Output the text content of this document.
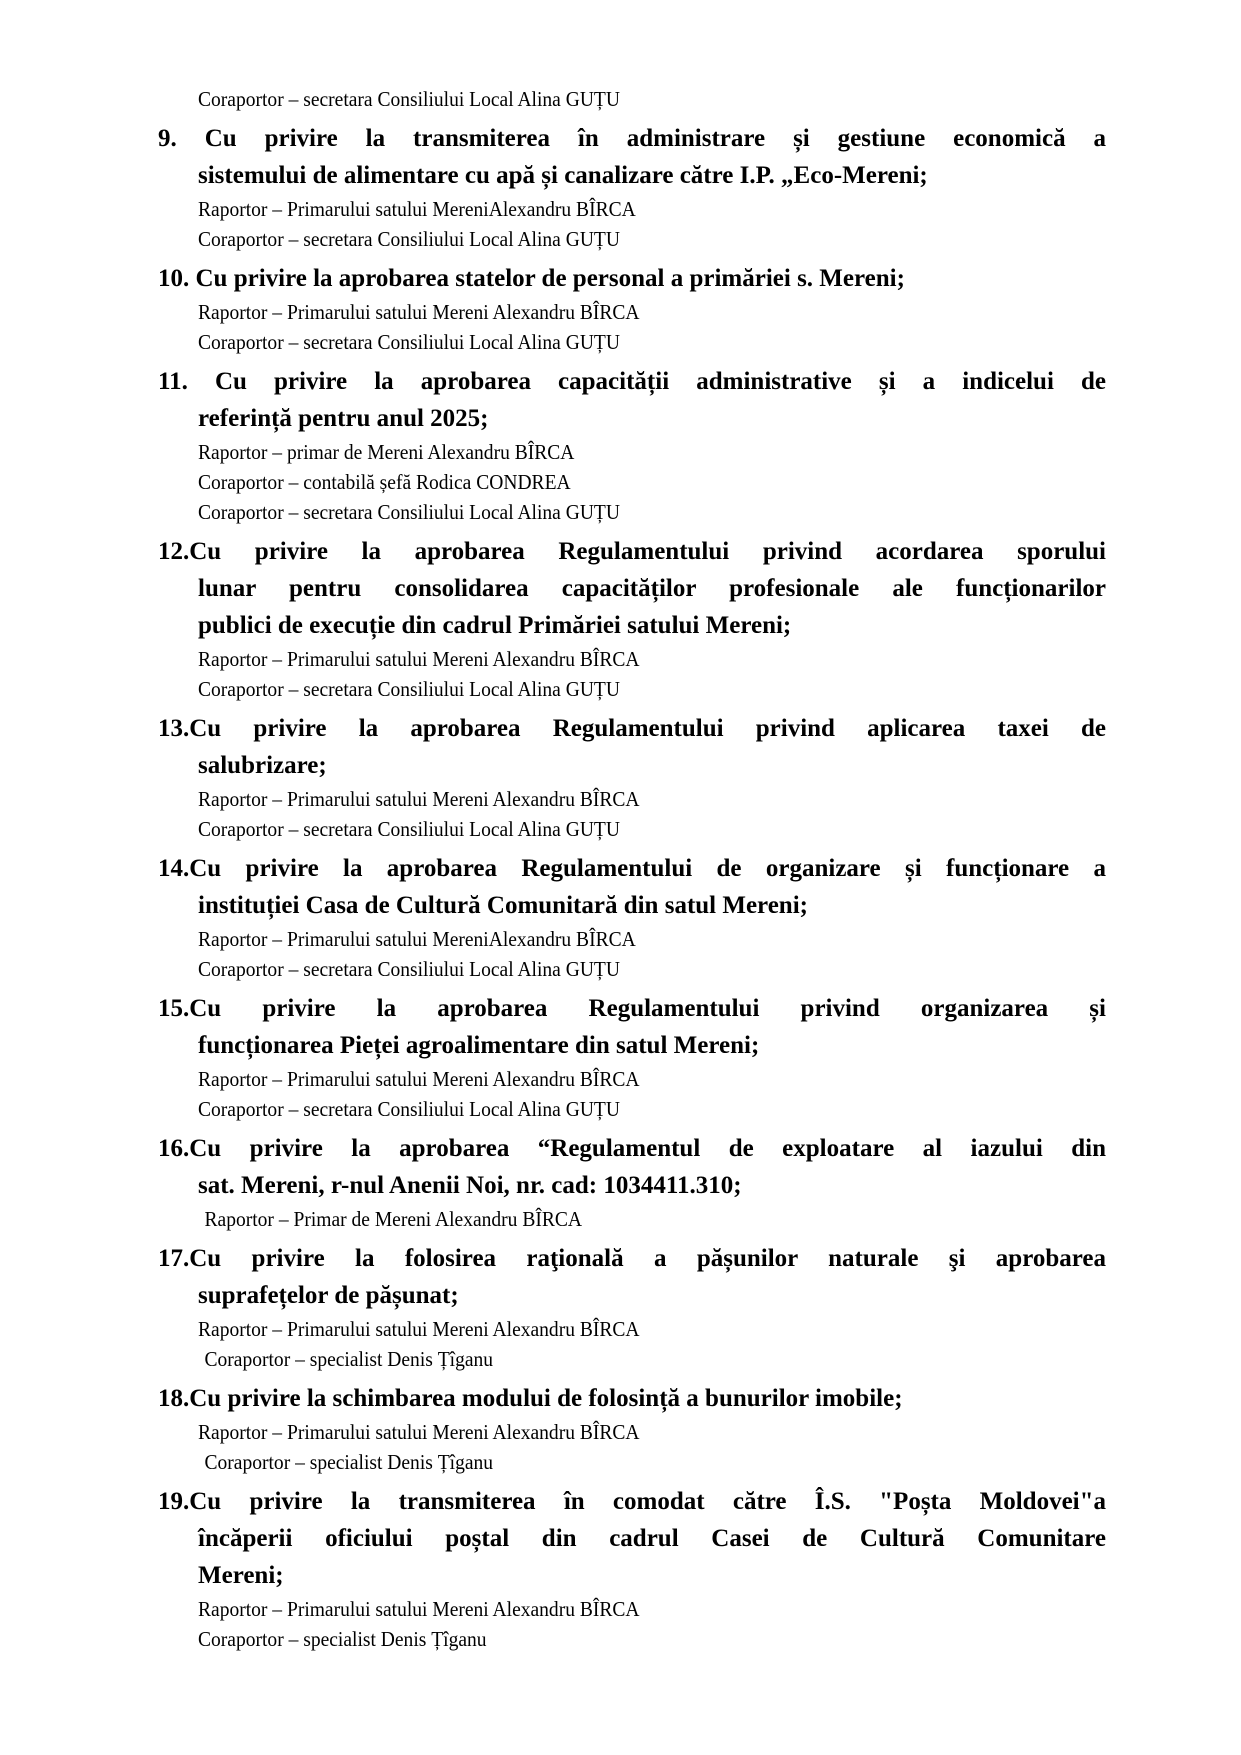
Coraportor – secretara Consiliului Local Alina GUȚU
9. Cu privire la transmiterea în administrare și gestiune economică a
sistemului de alimentare cu apă și canalizare către I.P. „Eco-Mereni;
Raportor – Primarului satului MereniAlexandru BÎRCA
Coraportor – secretara Consiliului Local Alina GUȚU
10. Cu privire la aprobarea statelor de personal a primăriei s. Mereni;
Raportor – Primarului satului Mereni Alexandru BÎRCA
Coraportor – secretara Consiliului Local Alina GUȚU
11. Cu privire la aprobarea capacității administrative și a indicelui de
referință pentru anul 2025;
Raportor – primar de Mereni Alexandru BÎRCA
Coraportor – contabilă șefă Rodica CONDREA
Coraportor – secretara Consiliului Local Alina GUȚU
12.Cu privire la aprobarea Regulamentului privind acordarea sporului
lunar pentru consolidarea capacităților profesionale ale funcționarilor
publici de execuție din cadrul Primăriei satului Mereni;
Raportor – Primarului satului Mereni Alexandru BÎRCA
Coraportor – secretara Consiliului Local Alina GUȚU
13.Cu privire la aprobarea Regulamentului privind aplicarea taxei de
salubrizare;
Raportor – Primarului satului Mereni Alexandru BÎRCA
Coraportor – secretara Consiliului Local Alina GUȚU
14.Cu privire la aprobarea Regulamentului de organizare și funcționare a
instituției Casa de Cultură Comunitară din satul Mereni;
Raportor – Primarului satului MereniAlexandru BÎRCA
Coraportor – secretara Consiliului Local Alina GUȚU
15.Cu privire la aprobarea Regulamentului privind organizarea și
funcționarea Pieței agroalimentare din satul Mereni;
Raportor – Primarului satului Mereni Alexandru BÎRCA
Coraportor – secretara Consiliului Local Alina GUȚU
16.Cu privire la aprobarea “Regulamentul de exploatare al iazului din
sat. Mereni, r-nul Anenii Noi, nr. cad: 1034411.310;
Raportor – Primar de Mereni Alexandru BÎRCA
17.Cu privire la folosirea raţională a pășunilor naturale şi aprobarea
suprafețelor de pășunat;
Raportor – Primarului satului Mereni Alexandru BÎRCA
Coraportor – specialist Denis Țîganu
18.Cu privire la schimbarea modului de folosință a bunurilor imobile;
Raportor – Primarului satului Mereni Alexandru BÎRCA
Coraportor – specialist Denis Țîganu
19.Cu privire la transmiterea în comodat către Î.S. "Poșta Moldovei"a
încăperii oficiului poștal din cadrul Casei de Cultură Comunitare
Mereni;
Raportor – Primarului satului Mereni Alexandru BÎRCA
Coraportor – specialist Denis Țîganu
